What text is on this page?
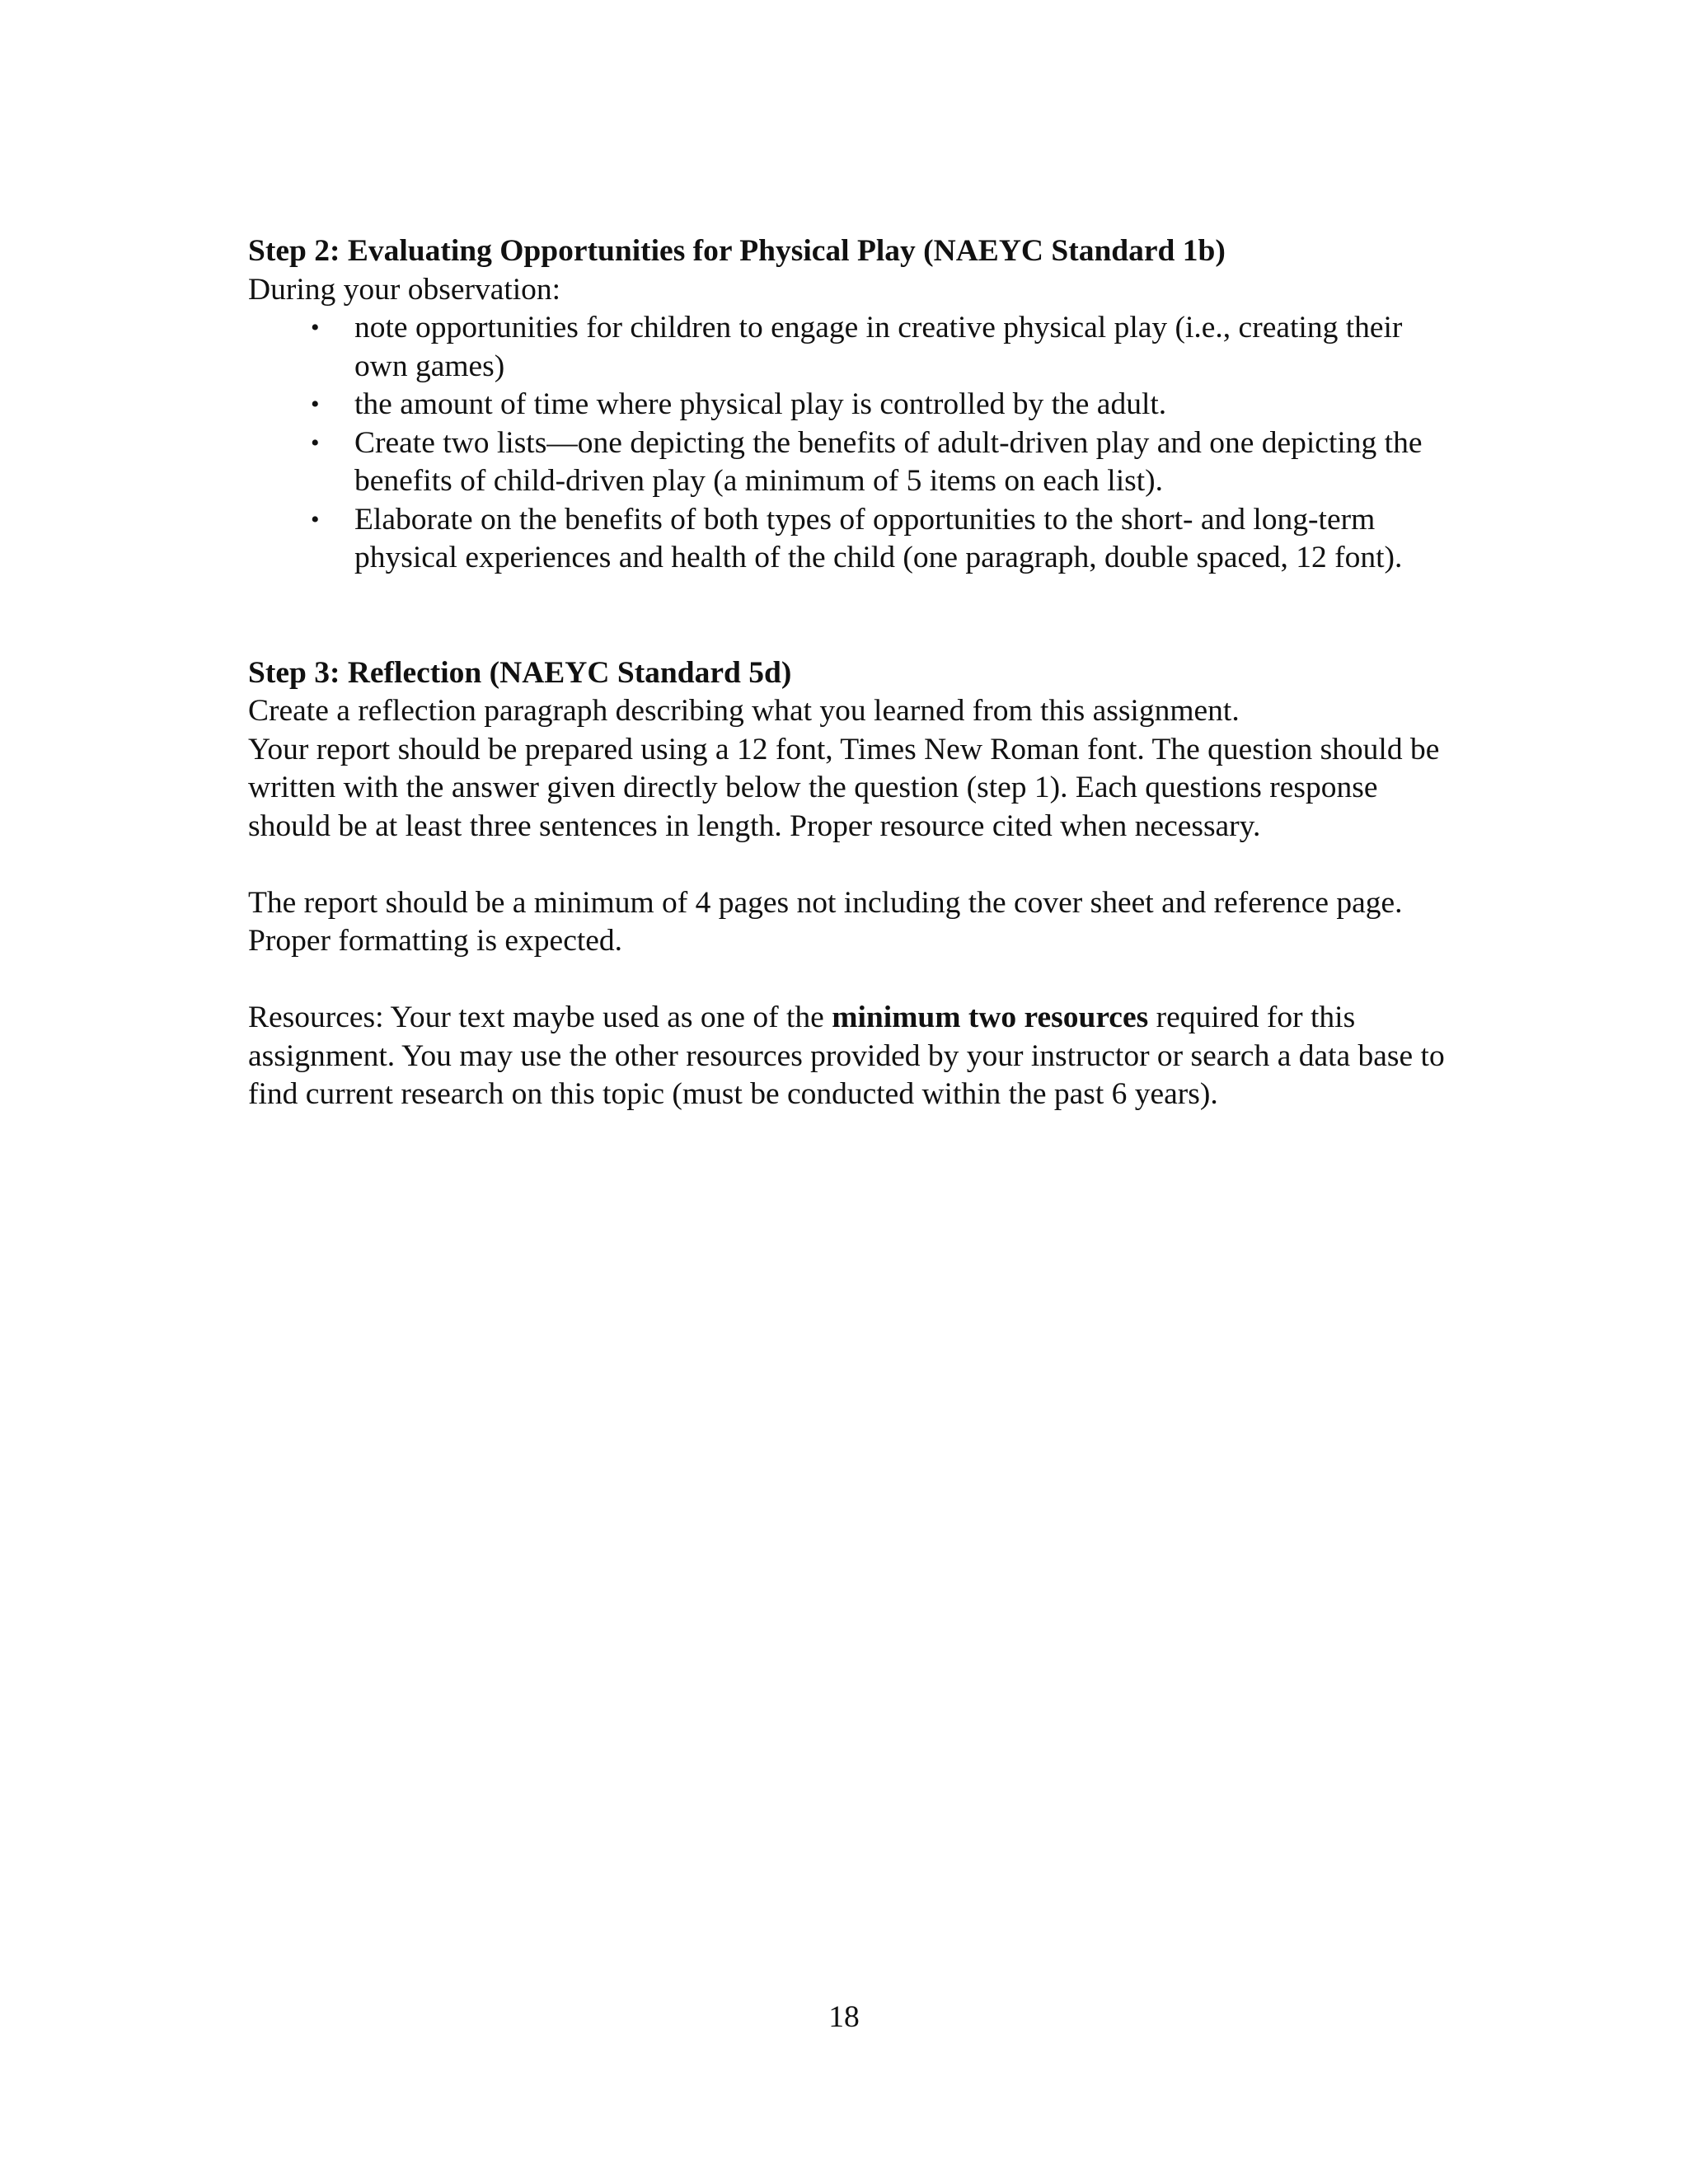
Step 2: Evaluating Opportunities for Physical Play (NAEYC Standard 1b)

During your observation:

• note opportunities for children to engage in creative physical play (i.e., creating their own games)
• the amount of time where physical play is controlled by the adult.
• Create two lists—one depicting the benefits of adult-driven play and one depicting the benefits of child-driven play (a minimum of 5 items on each list).
• Elaborate on the benefits of both types of opportunities to the short- and long-term physical experiences and health of the child (one paragraph, double spaced, 12 font).

Step 3: Reflection (NAEYC Standard 5d)

Create a reflection paragraph describing what you learned from this assignment.

Your report should be prepared using a 12 font, Times New Roman font. The question should be written with the answer given directly below the question (step 1). Each questions response should be at least three sentences in length. Proper resource cited when necessary.

The report should be a minimum of 4 pages not including the cover sheet and reference page. Proper formatting is expected.

Resources: Your text maybe used as one of the minimum two resources required for this assignment. You may use the other resources provided by your instructor or search a data base to find current research on this topic (must be conducted within the past 6 years).

18
